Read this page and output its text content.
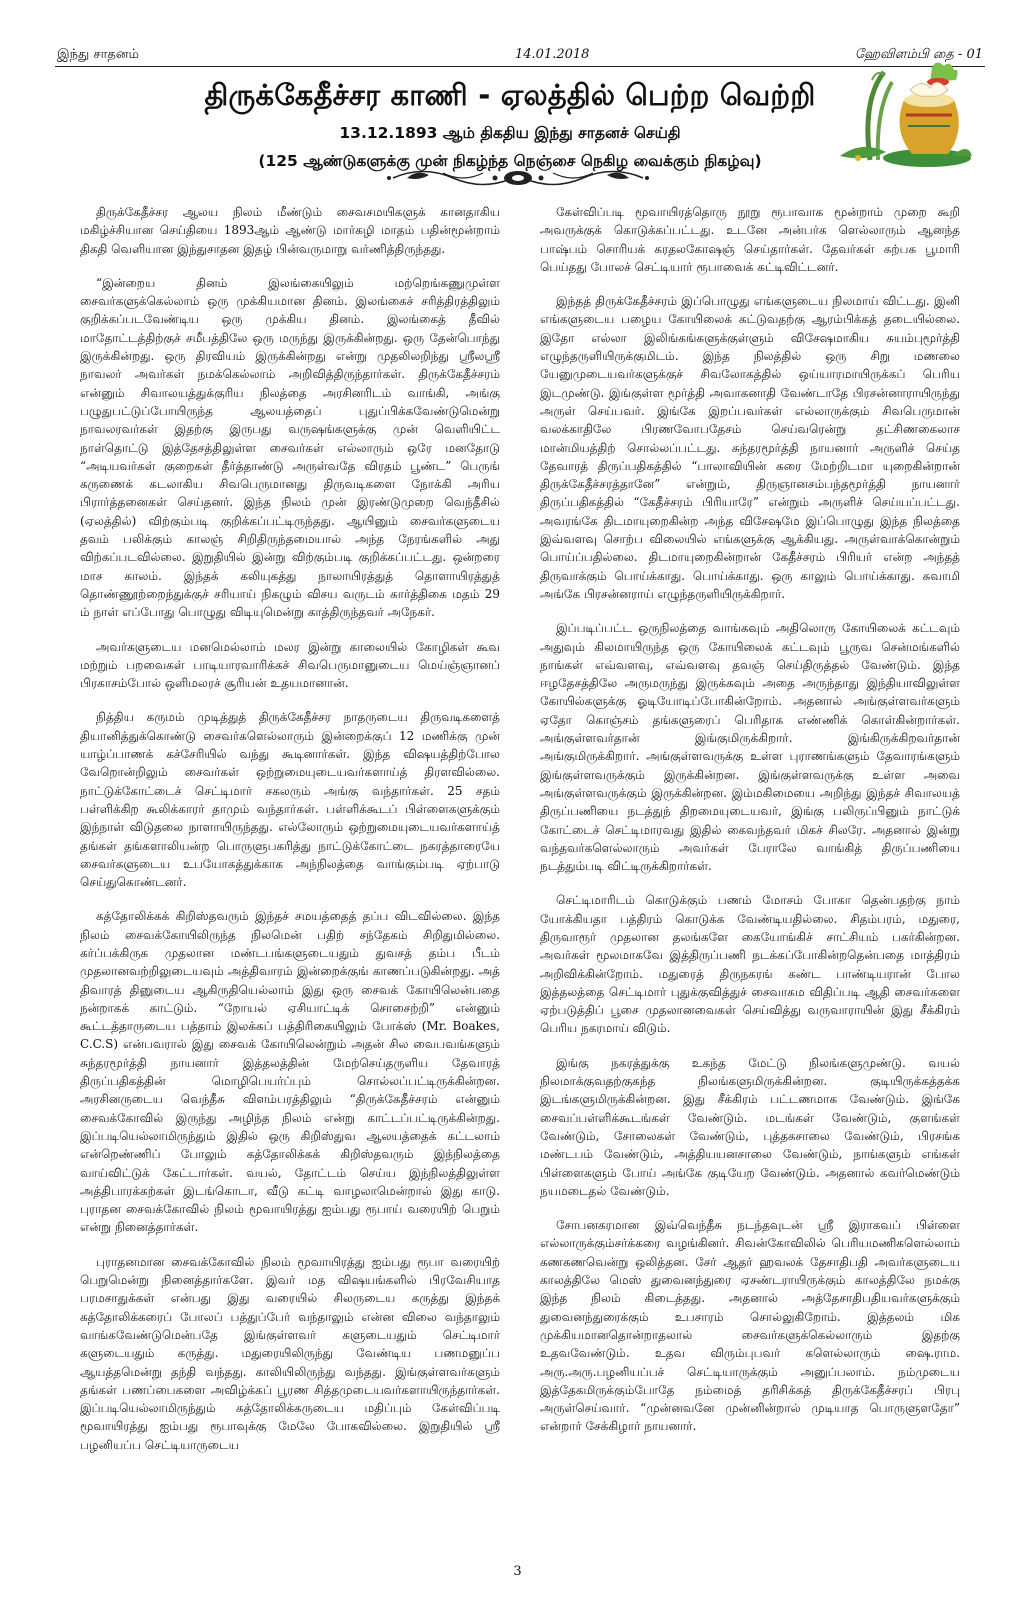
இந்து சாதனம்	14.01.2018	ஹேவிளம்பி தை - 01
திருக்கேதீச்சர காணி - ஏலத்தில் பெற்ற வெற்றி
13.12.1893 ஆம் திகதிய இந்து சாதனச் செய்தி
(125 ஆண்டுகளுக்கு முன் நிகழ்ந்த நெஞ்சை நெகிழ வைக்கும் நிகழ்வு)

திருக்கேதீச்சர ஆலய நிலம் மீண்டும் சைவசமயிகளுக் கானதாகிய மகிழ்ச்சியான செய்தியை 1893ஆம் ஆண்டு மார்கழி மாதம் பதின்மூன்றாம் திகதி வெளியான இந்துசாதன இதழ் பின்வருமாறு வர்ணித்திருந்தது.

“இன்றைய தினம் இலங்கையிலும் மற்றெங்கணுமுள்ள சைவர்களுக்கெல்லாம் ஒரு முக்கியமான தினம். இலங்கைச் சரித்திரத்திலும் குறிக்கப்படவேண்டிய ஒரு முக்கிய தினம். இலங்கைத் தீவில் மாதோட்டத்திற்குச் சமீபத்திலே ஒரு மருந்து இருக்கின்றது. ஒரு தேன்பொந்து இருக்கின்றது. ஒரு திரவியம் இருக்கின்றது என்று முதலிலறிந்து ஸ்ரீலஸ்ரீ நாவலர் அவர்கள் நமக்கெல்லாம் அறிவித்திருந்தார்கள். திருக்கேதீச்சரம் என்னும் சிவாலயத்துக்குரிய நிலத்தை அரசினரிடம் வாங்கி, அங்கு பழுதுபட்டுப்போயிருந்த ஆலயத்தைப் புதுப்பிக்கவேண்டுமென்று நாவலரவர்கள் இதற்கு இருபது வருஷங்களுக்கு முன் வெளியிட்ட நாள்தொட்டு இத்தேசத்திலுள்ள சைவர்கள் எல்லாரும் ஒரே மனதோடு “அடியவர்கள் குறைகள் தீர்த்தாண்டு அருள்வதே விரதம் பூண்ட” பெருங் கருணைக் கடலாகிய சிவபெருமானது திருவடிகளை நோக்கி அரிய பிரார்த்தனைகள் செய்தனர். இந்த நிலம் முன் இரண்டுமுறை வெந்தீசில் (ஏலத்தில்) விற்கும்படி குறிக்கப்பட்டிருந்தது. ஆயினும் சைவர்களுடைய தவம் பலிக்கும் காலஞ் சிறிதிருந்தமையால் அந்த நேரங்களில் அது விற்கப்படவில்லை. இறுதியில் இன்று விற்கும்படி குறிக்கப்பட்டது. ஒன்றரை மாச காலம். இந்தக் கலியுகத்து நாலாயிரத்துத் தொளாயிரத்துத் தொண்ணூற்றைந்துக்குச் சரியாய் நிகழும் விசய வருடம் கார்த்திகை மதம் 29 ம் நாள் எப்போது பொழுது விடியுமென்று காத்திருந்தவர் அநேகர்.

அவர்களுடைய மனமெல்லாம் மலர இன்று காலையில் கோழிகள் கூவ மற்றும் பறவைகள் பாடியாரவாரிக்கச் சிவபெருமானுடைய மெய்ஞ்ஞானப் பிரகாசம்போல் ஒளிமலரச் சூரியன் உதயமானான்.

நித்திய கருமம் முடித்துத் திருக்கேதீச்சர நாதருடைய திருவடிகளைத் தியானித்துக்கொண்டு சைவர்களெல்லாரும் இன்றைக்குப் 12 மணிக்கு முன் யாழ்ப்பாணக் கச்சேரியில் வந்து கூடினார்கள். இந்த விஷயத்திற்போல வேறொன்றிலும் சைவர்கள் ஒற்றுமையுடையவர்களாய்த் திரளவில்லை. நாட்டுக்கோட்டைச் செட்டிமார் சகலரும் அங்கு வந்தார்கள். 25 சதம் பள்ளிக்கிற கூலிக்காரர் தாமும் வந்தார்கள். பள்ளிக்கூடப் பிள்ளைகளுக்கும் இந்நாள் விடுதலை நாளாயிருந்தது. எல்லோரும் ஒற்றுமையுடையவர்களாய்த் தங்கள் தங்களாலியன்ற பொருளுபகரித்து நாட்டுக்கோட்டை நகரத்தாரையே சைவர்களுடைய உபயோகத்துக்காக அந்நிலத்தை வாங்கும்படி ஏற்பாடு செய்துகொண்டனர்.

கத்தோலிக்கக் கிறிஸ்தவரும் இந்தச் சமயத்தைத் தப்ப விடவில்லை. இந்த நிலம் சைவக்கோயிலிருந்த நிலமென் பதிற் சந்தேகம் சிறிதுமில்லை. கர்ப்பக்கிருக முதலான மண்டபங்களுடையதும் துவசத் தம்ப பீடம் முதலானவற்றிலுடையவும் அத்திவாரம் இன்றைக்குங் காணப்படுகின்றது. அத் திவாரத் தினுடைய ஆகிருதியெல்லாம் இது ஒரு சைவக் கோயிலென்பதை நன்றாகக் காட்டும். “றோயல் ஏசியாட்டிக் சொசைற்றி” என்னும் கூட்டத்தாருடைய பத்தாம் இலக்கப் பத்திரிகையிலும் போக்ஸ் (Mr. Boakes, C.C.S) என்பவரால் இது சைவக் கோயிலென்றும் அதன் சில வைபவங்களும் சுந்தரமூர்த்தி நாயனார் இத்தலத்தின் மேற்செய்தருளிய தேவாரத் திருப்பதிகத்தின் மொழிபெயர்ப்பும் சொல்லப்பட்டிருக்கின்றன. அரசினருடைய வெந்தீசு விளம்பரத்திலும் “திருக்கேதீச்சரம் என்னும் சைவக்கோவில் இருந்து அழிந்த நிலம் என்று காட்டப்பட்டிருக்கின்றது. இப்படியெல்லாமிருந்தும் இதில் ஒரு கிறிஸ்துவ ஆலயத்தைக் கட்டலாம் என்றெண்ணிப் போலும் கத்தோலிக்கக் கிறிஸ்தவரும் இந்நிலத்தை வாய்விட்டுக் கேட்டார்கள். வயல், தோட்டம் செய்ய இந்நிலத்திலுள்ள அத்திபாரக்கற்கள் இடங்கொடா, வீடு கட்டி வாழலாமென்றால் இது காடு. புராதன சைவக்கோவில் நிலம் மூவாயிரத்து ஐம்பது ரூபாய் வரையிற் பெறும் என்று நினைத்தார்கள்.

புராதனமான சைவக்கோவில் நிலம் மூவாயிரத்து ஐம்பது ரூபா வரையிற் பெறுமென்று நினைத்தார்களே. இவர் மத விஷயங்களில் பிரவேசியாத பரமசாதுக்கள் என்பது இது வரையில் சிலருடைய கருத்து இந்தக் கத்தோலிக்கரைப் போலப் பத்துப்பேர் வந்தாலும் என்ன விலை வந்தாலும் வாங்கவேண்டுமென்பதே இங்குள்ளவர் களுடையதும் செட்டிமார் களுடையதும் கருத்து. மதுரையிலிருந்து வேண்டிய பணமனுப்ப ஆயத்தமென்று தந்தி வந்தது. காலியிலிருந்து வந்தது. இங்குள்ளவர்களும் தங்கள் பணப்பைகளை அவிழ்க்கப் பூரண சித்தமுடையவர்களாயிருந்தார்கள். இப்படியெல்லாமிருந்தும் கத்தோலிக்கருடைய மதிப்பும் கேள்விப்படி மூவாயிரத்து ஐம்பது ரூபாவுக்கு மேலே போகவில்லை. இறுதியில் ஸ்ரீ பழனியப்ப செட்டியாருடைய

கேள்விப்படி மூவாயிரத்தொரு நூறு ரூபாவாக மூன்றாம் முறை கூறி அவருக்குக் கொடுக்கப்பட்டது. உடனே அன்பர்க ளெல்லாரும் ஆனந்த பாஷ்பம் சொரியக் கரதலகோஷஞ் செய்தார்கள். தேவர்கள் கற்பக பூமாரி பெய்தது போலச் செட்டியார் ரூபாவைக் கட்டிவிட்டனர்.

இந்தத் திருக்கேதீச்சரம் இப்பொழுது எங்களுடைய நிலமாய் விட்டது. இனி எங்களுடைய பழைய கோயிலைக் கட்டுவதற்கு ஆரம்பிக்கத் தடையில்லை. இதோ எல்லா இலிங்கங்களுக்குள்ளும் விசேஷமாகிய சுயம்புமூர்த்தி எழுந்தருளியிருக்குமிடம். இந்த நிலத்தில் ஒரு சிறு மணலை யேனுமுடையவர்களுக்குச் சிவலோகத்தில் ஒய்யாரமாயிருக்கப் பெரிய இடமுண்டு. இங்குள்ள மூர்த்தி அவாகனாதி வேண்டாதே பிரசன்னாராயிருந்து அருள் செய்பவர். இங்கே இறப்பவர்கள் எல்லாருக்கும் சிவபெருமான் வலக்காதிலே பிரணவோபதேசம் செய்வரென்று தட்சிணகைலாச மான்மியத்திற் சொல்லப்பட்டது. சுந்தரமூர்த்தி நாயனார் அருளிச் செய்த தேவாரத் திருப்பதிகத்தில் “பாலாவியின் கரை மேற்றிடமா யுறைகின்றான் திருக்கேதீச்சரத்தானே” என்றும், திருஞானசம்பந்தமூர்த்தி நாயனார் திருப்பதிகத்தில் “கேதீச்சரம் பிரியாரே” என்றும் அருளிச் செய்யப்பட்டது. அவரங்கே திடமாயுறைகின்ற அந்த விசேஷமே இப்பொழுது இந்த நிலத்தை இவ்வளவு சொற்ப விலையில் எங்களுக்கு ஆக்கியது. அருள்வாக்கொன்றும் பொய்ப்பதில்லை. திடமாயுறைகின்றான் கேதீச்சரம் பிரியர் என்ற அந்தத் திருவாக்கும் பொய்க்காது. பொய்க்காது. ஒரு காலும் பொய்க்காது. சுவாமி அங்கே பிரசன்னராய் எழுந்தருளியிருக்கிறார்.

இப்படிப்பட்ட ஒருநிலத்தை வாங்கவும் அதிலொரு கோயிலைக் கட்டவும் அதுவும் கிலமாயிருந்த ஒரு கோயிலைக் கட்டவும் பூருவ சென்மங்களில் நாங்கள் எவ்வளவு, எவ்வளவு தவஞ் செய்திருத்தல் வேண்டும். இந்த ஈழதேசத்திலே அருமருந்து இருக்கவும் அதை அருந்தாது இந்தியாவிலுள்ள கோயில்களுக்கு ஓடியோடிப்போகின்றோம். அதனால் அங்குள்ளவர்களும் ஏதோ கொஞ்சம் தங்களுரைப் பெரிதாக எண்ணிக் கொள்கின்றார்கள். அங்குள்ளவர்தான் இங்குமிருக்கிறார். இங்கிருக்கிறவர்தான் அங்குமிருக்கிறார். அங்குள்ளவருக்கு உள்ள புராணங்களும் தேவாரங்களும் இங்குள்ளவருக்கும் இருக்கின்றன. இங்குள்ளவருக்கு உள்ள அவை அங்குள்ளவருக்கும் இருக்கின்றன. இம்மகிமையை அறிந்து இந்தச் சிவாலயத் திருப்பணியை நடத்துந் திறமையுடையவர், இங்கு பலிருப்பினும் நாட்டுக் கோட்டைச் செட்டிமாரவது இதில் கைவந்தவர் மிகச் சிலரே. அதனால் இன்று வந்தவர்களெல்லாரும் அவர்கள் பேராலே வாங்கித் திருப்பணியை நடத்தும்படி விட்டிருக்கிறார்கள்.

செட்டிமாரிடம் கொடுக்கும் பணம் மோசம் போகா தென்பதற்கு நாம் யோக்கியதா பத்திரம் கொடுக்க வேண்டியதில்லை. சிதம்பரம், மதுரை, திருவாரூர் முதலான தலங்களே கையோங்கிச் சாட்சியம் பகர்கின்றன. அவர்கள் மூலமாகவே இத்திருப்பணி நடக்கப்போகின்றதென்பதை மாத்திரம் அறிவிக்கின்றோம். மதுரைத் திருநகரங் கண்ட பாண்டியரான் போல இத்தலத்தை செட்டிமார் புதுக்குவித்துச் சைவாகம விதிப்படி ஆதி சைவர்களை ஏற்படுத்திப் பூசை முதலானவைகள் செய்வித்து வருவாராயின் இது சீக்கிரம் பெரிய நகரமாய் விடும்.

இங்கு நகரத்துக்கு உகந்த மேட்டு நிலங்களுமுண்டு. வயல் நிலமாக்குவதற்குகந்த நிலங்களுமிருக்கின்றன. குடியிருக்கத்தக்க இடங்களுமிருக்கின்றன. இது சீக்கிரம் பட்டணமாக வேண்டும். இங்கே சைவப்பள்ளிக்கூடங்கள் வேண்டும். மடங்கள் வேண்டும், குளங்கள் வேண்டும், சோலைகள் வேண்டும், புத்தகசாலை வேண்டும், பிரசங்க மண்டபம் வேண்டும், அத்தியயனசாலை வேண்டும், நாங்களும் எங்கள் பிள்ளைகளும் போய் அங்கே குடியேற வேண்டும். அதனால் கவர்மெண்டும் நயமடைதல் வேண்டும்.

சோபனகரமான இவ்வெந்தீசு நடந்தவுடன் ஸ்ரீ இராகவப் பிள்ளை எல்லாருக்கும்சர்க்கரை வழங்கினர். சிவன்கோவிலில் பெரியமணிகளெல்லாம் கணகணவென்று ஒலித்தன. சேர் ஆதர் ஹவலக் தேசாதிபதி அவர்களுடைய காலத்திலே மெஸ் துவைனந்துரை ஏசண்டராயிருக்கும் காலத்திலே நமக்கு இந்த நிலம் கிடைத்தது. அதனால் அத்தேசாதிபதியவர்களுக்கும் துவைனந்துரைக்கும் உபசாரம் சொல்லுகிறோம். இத்தலம் மிக முக்கியமானதொன்றாதலால் சைவர்களுக்கெல்லாரும் இதற்கு உதவவேண்டும். உதவ விரும்புபவர் களெல்லாரும் ஷை.ராம. அரு.அரு.பழனியப்பச் செட்டியாருக்கும் அனுப்பலாம். நம்முடைய இத்தேகமிருக்கும்போதே நம்மைத் தரிசிக்கத் திருக்கேதீச்சரப் பிரபு அருள்செய்வார். “முன்னவனே முன்னின்றால் முடியாத பொருளுளதோ” என்றார் சேக்கிழார் நாயனார்.

3
